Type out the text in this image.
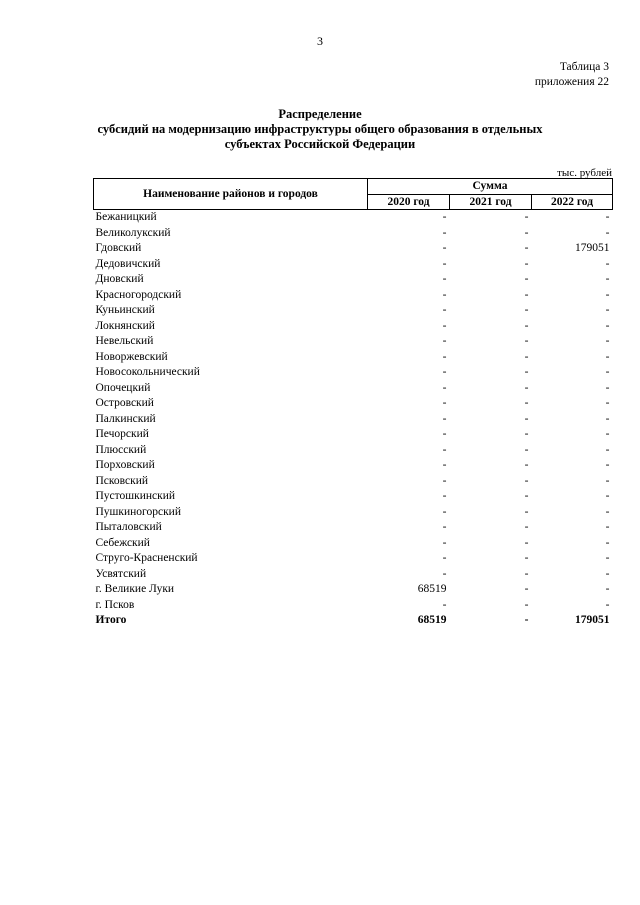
3
Таблица 3
приложения 22
Распределение
субсидий на модернизацию инфраструктуры общего образования в отдельных
субъектах Российской Федерации
тыс. рублей
Наименование районов и городов	Сумма		
	2020 год	2021 год	2022 год
Бежаницкий	-	-	-
Великолукский	-	-	-
Гдовский	-	-	179051
Дедовичский	-	-	-
Дновский	-	-	-
Красногородский	-	-	-
Куньинский	-	-	-
Локнянский	-	-	-
Невельский	-	-	-
Новоржевский	-	-	-
Новосокольнический	-	-	-
Опочецкий	-	-	-
Островский	-	-	-
Палкинский	-	-	-
Печорский	-	-	-
Плюсский	-	-	-
Порховский	-	-	-
Псковский	-	-	-
Пустошкинский	-	-	-
Пушкиногорский	-	-	-
Пыталовский	-	-	-
Себежский	-	-	-
Струго-Красненский	-	-	-
Усвятский	-	-	-
г. Великие Луки	68519	-	-
г. Псков	-	-	-
Итого	68519	-	179051
